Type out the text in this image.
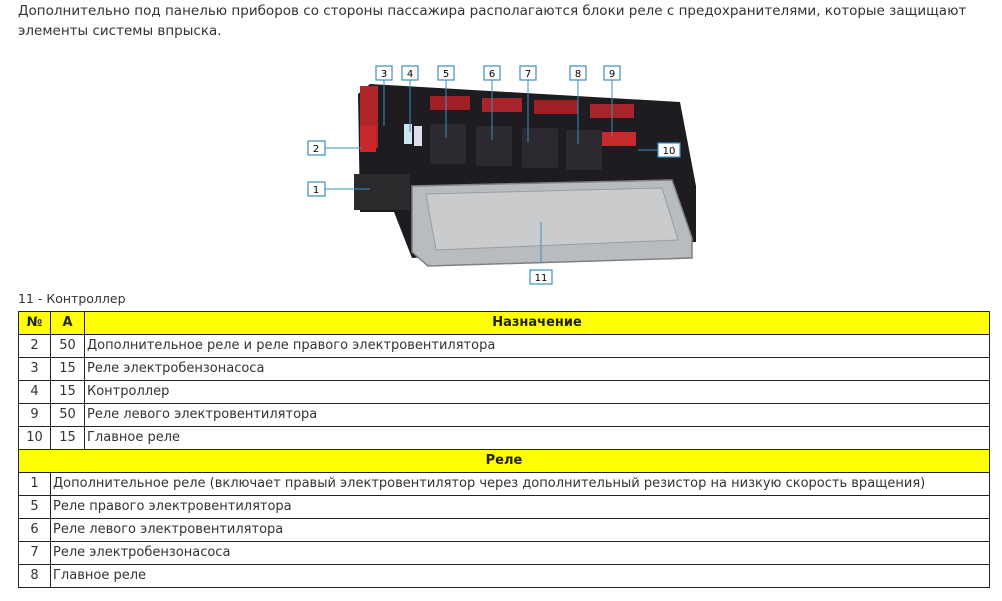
Дополнительно под панелью приборов со стороны пассажира располагаются блоки реле с предохранителями, которые защищают элементы системы впрыска.
3 4	5	6	7	8	9
2
1
10
11
11 - Контроллер
№	А	Назначение
2	50	Дополнительное реле и реле правого электровентилятора
3	15	Реле электробензонасоса
4	15	Контроллер
9	50	Реле левого электровентилятора
10	15	Главное реле
Реле		
1	Дополнительное реле (включает правый электровентилятор через дополнительный резистор на низкую скорость вращения)	
5	Реле правого электровентилятора	
6	Реле левого электровентилятора	
7	Реле электробензонасоса	
8	Главное реле	
